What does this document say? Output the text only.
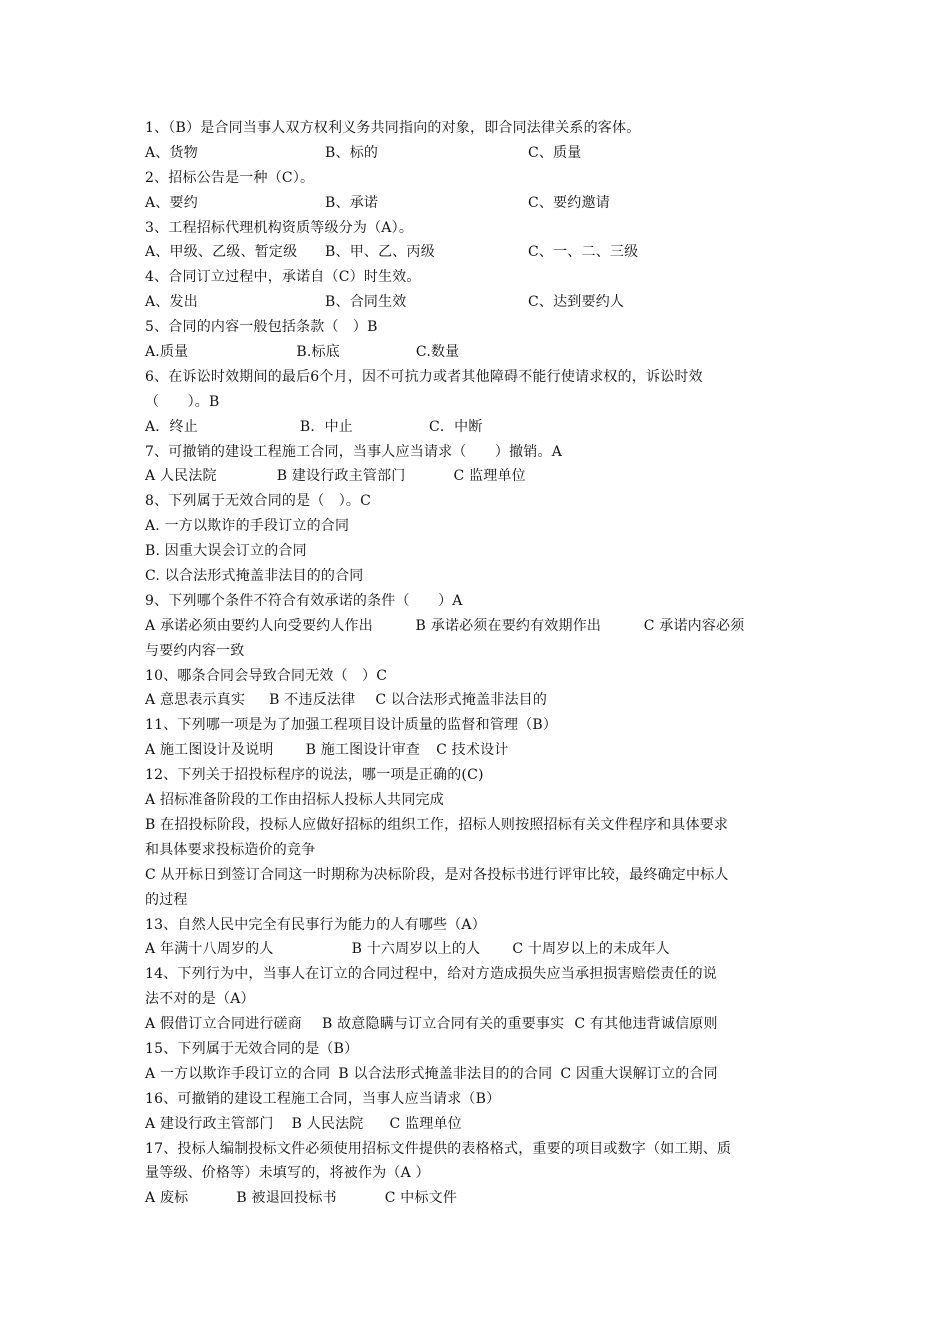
1、（B）是合同当事人双方权利义务共同指向的对象，即合同法律关系的客体。
A、货物	B、标的	C、质量
2、招标公告是一种（C）。
A、要约	B、承诺	C、要约邀请
3、工程招标代理机构资质等级分为（A）。
A、甲级、乙级、暂定级	B、甲、乙、丙级	C、一、二、三级
4、合同订立过程中，承诺自（C）时生效。
A、发出	B、合同生效	C、达到要约人
5、合同的内容一般包括条款（　）B
A.质量	B.标底	C.数量
6、在诉讼时效期间的最后6个月，因不可抗力或者其他障碍不能行使请求权的，诉讼时效
（　　）。B
A．终止	B．中止	C．中断
7、可撤销的建设工程施工合同，当事人应当请求（　　）撤销。A
A 人民法院	B 建设行政主管部门	C 监理单位
8、下列属于无效合同的是（　）。C
A. 一方以欺诈的手段订立的合同
B. 因重大误会订立的合同
C. 以合法形式掩盖非法目的的合同
9、下列哪个条件不符合有效承诺的条件（　　）A
A 承诺必须由要约人向受要约人作出　　　B 承诺必须在要约有效期作出　　　C 承诺内容必须
与要约内容一致
10、哪条合同会导致合同无效（　）C
A 意思表示真实 B 不违反法律 C 以合法形式掩盖非法目的
11、下列哪一项是为了加强工程项目设计质量的监督和管理（B）
A 施工图设计及说明 B 施工图设计审查 C 技术设计
12、下列关于招投标程序的说法，哪一项是正确的(C)
A 招标准备阶段的工作由招标人投标人共同完成
B 在招投标阶段，投标人应做好招标的组织工作，招标人则按照招标有关文件程序和具体要求
和具体要求投标造价的竞争
C 从开标日到签订合同这一时期称为决标阶段，是对各投标书进行评审比较，最终确定中标人
的过程
13、自然人民中完全有民事行为能力的人有哪些（A）
A 年满十八周岁的人	B 十六周岁以上的人 C 十周岁以上的未成年人
14、下列行为中，当事人在订立的合同过程中，给对方造成损失应当承担损害赔偿责任的说
法不对的是（A）
A 假借订立合同进行磋商 B 故意隐瞒与订立合同有关的重要事实 C 有其他违背诚信原则
15、下列属于无效合同的是（B）
A 一方以欺诈手段订立的合同 B 以合法形式掩盖非法目的的合同 C 因重大误解订立的合同
16、可撤销的建设工程施工合同，当事人应当请求（B）
A 建设行政主管部门 B 人民法院 C 监理单位
17、投标人编制投标文件必须使用招标文件提供的表格格式，重要的项目或数字（如工期、质
量等级、价格等）未填写的，将被作为（A ）
A 废标	B 被退回投标书	C 中标文件
